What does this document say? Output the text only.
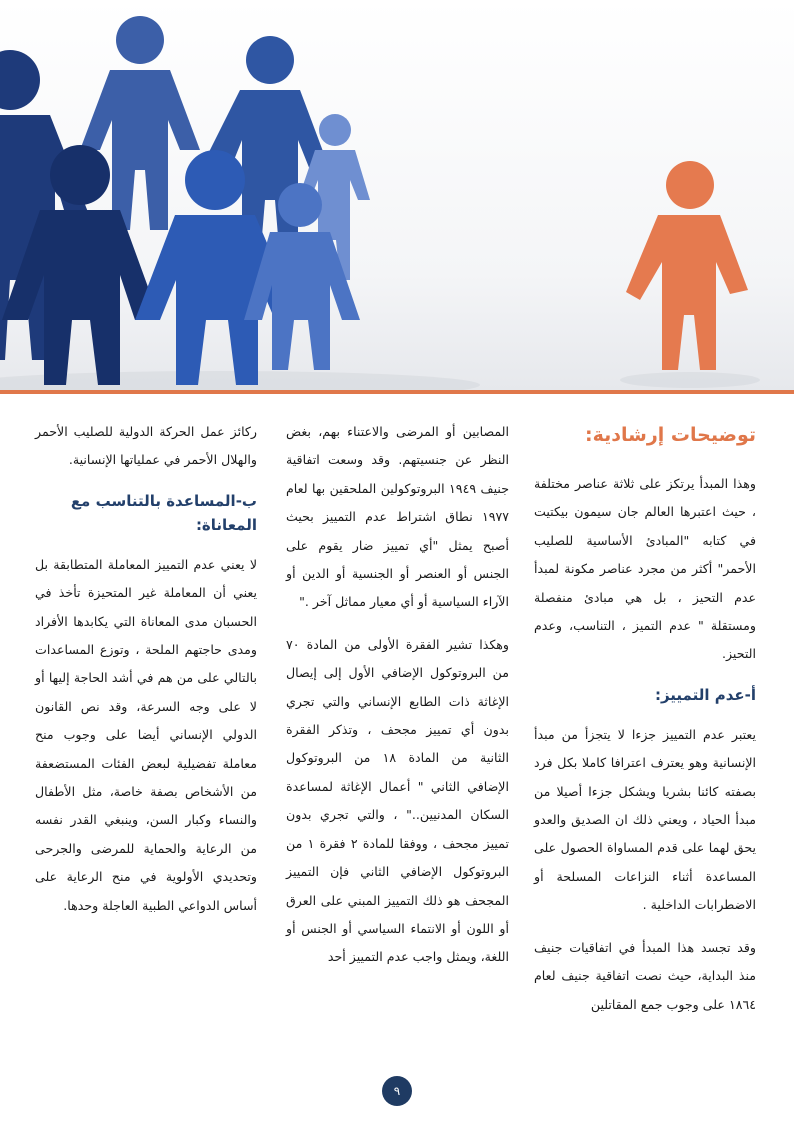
توضيحات إرشادية:

وهذا المبدأ يرتكز على ثلاثة عناصر مختلفة ، حيث اعتبرها العالم جان سيمون بيكتيت في كتابه "المبادئ الأساسية للصليب الأحمر" أكثر من مجرد عناصر مكونة لمبدأ عدم التحيز ، بل هي مبادئ منفصلة ومستقلة " عدم التميز ، التناسب، وعدم التحيز.

أ-عدم التمييز:

يعتبر عدم التمييز جزءا لا يتجزأ من مبدأ الإنسانية وهو يعترف اعترافا كاملا بكل فرد بصفته كائنا بشريا ويشكل جزءا أصيلا من مبدأ الحياد ، ويعني ذلك ان الصديق والعدو يحق لهما على قدم المساواة الحصول على المساعدة أثناء النزاعات المسلحة أو الاضطرابات الداخلية .

وقد تجسد هذا المبدأ في اتفاقيات جنيف منذ البداية، حيث نصت اتفاقية جنيف لعام ١٨٦٤ على وجوب جمع المقاتلين

المصابين أو المرضى والاعتناء بهم، بغض النظر عن جنسيتهم. وقد وسعت اتفاقية جنيف ١٩٤٩ البروتوكولين الملحقين بها لعام ١٩٧٧ نطاق اشتراط عدم التمييز بحيث أصبح يمثل "أي تمييز ضار يقوم على الجنس أو العنصر أو الجنسية أو الدين أو الآراء السياسية أو أي معيار مماثل آخر ."

وهكذا تشير الفقرة الأولى من المادة ٧٠ من البروتوكول الإضافي الأول إلى إيصال الإغاثة ذات الطابع الإنساني والتي تجري بدون أي تمييز مجحف ، وتذكر الفقرة الثانية من المادة ١٨ من البروتوكول الإضافي الثاني " أعمال الإغاثة لمساعدة السكان المدنيين.." ، والتي تجري بدون تمييز مجحف ، ووفقا للمادة ٢ فقرة ١ من البروتوكول الإضافي الثاني فإن التمييز المجحف هو ذلك التمييز المبني على العرق أو اللون أو الانتماء السياسي أو الجنس أو اللغة، ويمثل واجب عدم التمييز أحد

ركائز عمل الحركة الدولية للصليب الأحمر والهلال الأحمر في عملياتها الإنسانية.

ب-المساعدة بالتناسب مع المعاناة:

لا يعني عدم التمييز المعاملة المتطابقة بل يعني أن المعاملة غير المتحيزة تأخذ في الحسبان مدى المعاناة التي يكابدها الأفراد ومدى حاجتهم الملحة ، وتوزع المساعدات بالتالي على من هم في أشد الحاجة إليها أو لا على وجه السرعة، وقد نص القانون الدولي الإنساني أيضا على وجوب منح معاملة تفضيلية لبعض الفئات المستضعفة من الأشخاص بصفة خاصة، مثل الأطفال والنساء وكبار السن، وينبغي القدر نفسه من الرعاية والحماية للمرضى والجرحى وتحديدي الأولوية في منح الرعاية على أساس الدواعي الطبية العاجلة وحدها.

٩
